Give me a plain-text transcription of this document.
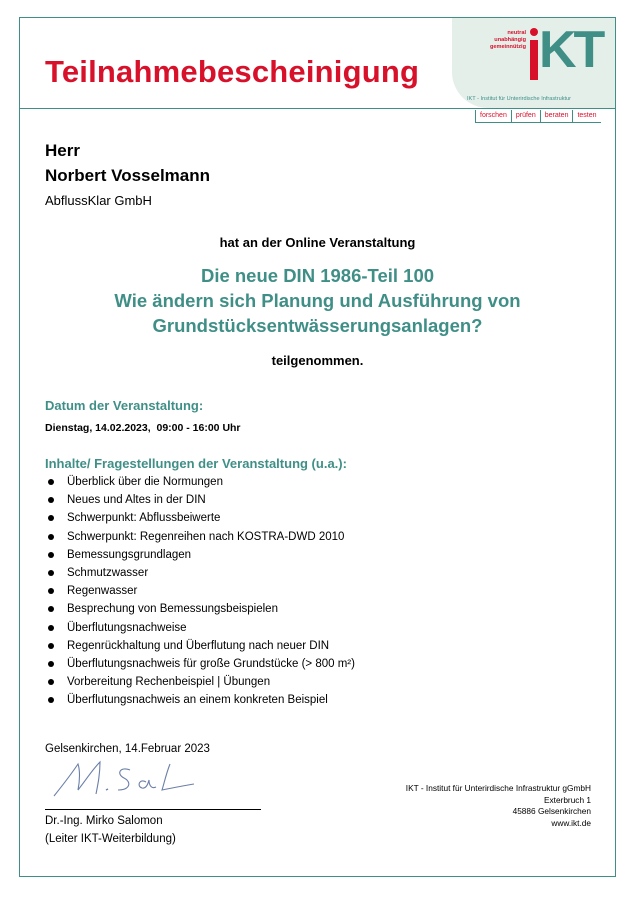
Teilnahmebescheinigung
neutral
unabhängig
gemeinnützig KT
IKT - Institut für Unterirdische Infrastruktur
forschen	prüfen	beraten	testen
Herr
Norbert Vosselmann
AbflussKlar GmbH
hat an der Online Veranstaltung
Die neue DIN 1986-Teil 100
Wie ändern sich Planung und Ausführung von
Grundstücksentwässerungsanlagen?
teilgenommen.
Datum der Veranstaltung:
Dienstag, 14.02.2023,  09:00 - 16:00 Uhr
Inhalte/ Fragestellungen der Veranstaltung (u.a.):
Überblick über die Normungen
Neues und Altes in der DIN
Schwerpunkt: Abflussbeiwerte
Schwerpunkt: Regenreihen nach KOSTRA-DWD 2010
Bemessungsgrundlagen
Schmutzwasser
Regenwasser
Besprechung von Bemessungsbeispielen
Überflutungsnachweise
Regenrückhaltung und Überflutung nach neuer DIN
Überflutungsnachweis für große Grundstücke (> 800 m²)
Vorbereitung Rechenbeispiel | Übungen
Überflutungsnachweis an einem konkreten Beispiel
Gelsenkirchen, 14.Februar 2023
Dr.-Ing. Mirko Salomon
(Leiter IKT-Weiterbildung)
IKT - Institut für Unterirdische Infrastruktur gGmbH
Exterbruch 1
45886 Gelsenkirchen
www.ikt.de
